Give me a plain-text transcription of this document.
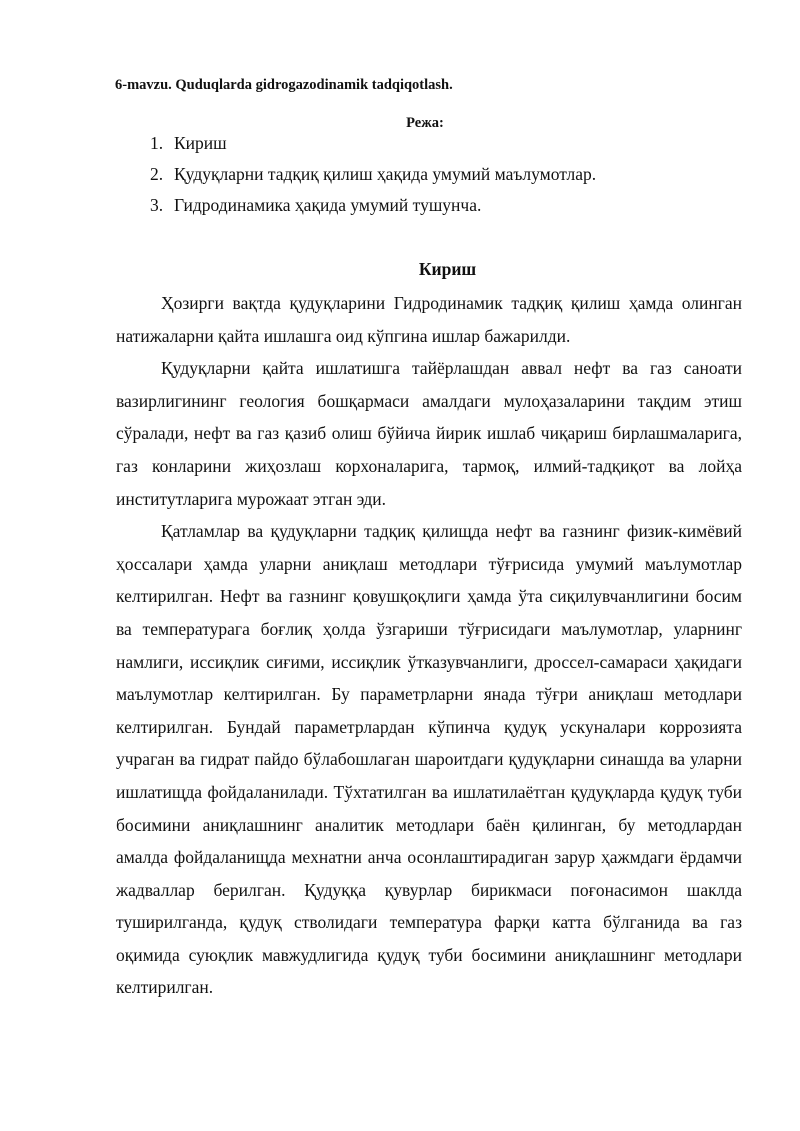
6-mavzu. Quduqlarda gidrogazodinamik tadqiqotlash.
Режа:
1. Кириш
2. Қудуқларни тадқиқ қилиш ҳақида умумий маълумотлар.
3. Гидродинамика ҳақида умумий тушунча.
Кириш

Ҳозирги вақтда қудуқларини Гидродинамик тадқиқ қилиш ҳамда олинган натижаларни қайта ишлашга оид кўпгина ишлар бажарилди.

Қудуқларни қайта ишлатишга тайёрлашдан аввал нефт ва газ саноати вазирлигининг геология бошқармаси амалдаги мулоҳазаларини тақдим этиш сўралади, нефт ва газ қазиб олиш бўйича йирик ишлаб чиқариш бирлашмаларига, газ конларини жиҳозлаш корхоналарига, тармоқ, илмий-тадқиқот ва лойҳа институтларига мурожаат этган эди.

Қатламлар ва қудуқларни тадқиқ қилищда нефт ва газнинг физик-кимёвий ҳоссалари ҳамда уларни аниқлаш методлари тўғрисида умумий маълумотлар келтирилган. Нефт ва газнинг қовушқоқлиги ҳамда ўта сиқилувчанлигини босим ва температурага боғлиқ ҳолда ўзгариши тўғрисидаги маълумотлар, уларнинг намлиги, иссиқлик сиғими, иссиқлик ўтказувчанлиги, дроссел-самараси ҳақидаги маълумотлар келтирилган. Бу параметрларни янада тўғри аниқлаш методлари келтирилган. Бундай параметрлардан кўпинча қудуқ ускуналари коррозията учраган ва гидрат пайдо бўлабошлаган шароитдаги қудуқларни синашда ва уларни ишлатищда фойдаланилади. Тўхтатилган ва ишлатилаётган қудуқларда қудуқ туби босимини аниқлашнинг аналитик методлари баён қилинган, бу методлардан амалда фойдаланищда мехнатни анча осонлаштирадиган зарур ҳажмдаги ёрдамчи жадваллар берилган. Қудуққа қувурлар бирикмаси поғонасимон шаклда туширилганда, қудуқ стволидаги температура фарқи катта бўлганида ва газ оқимида суюқлик мавжудлигида қудуқ туби босимини аниқлашнинг методлари келтирилган.
